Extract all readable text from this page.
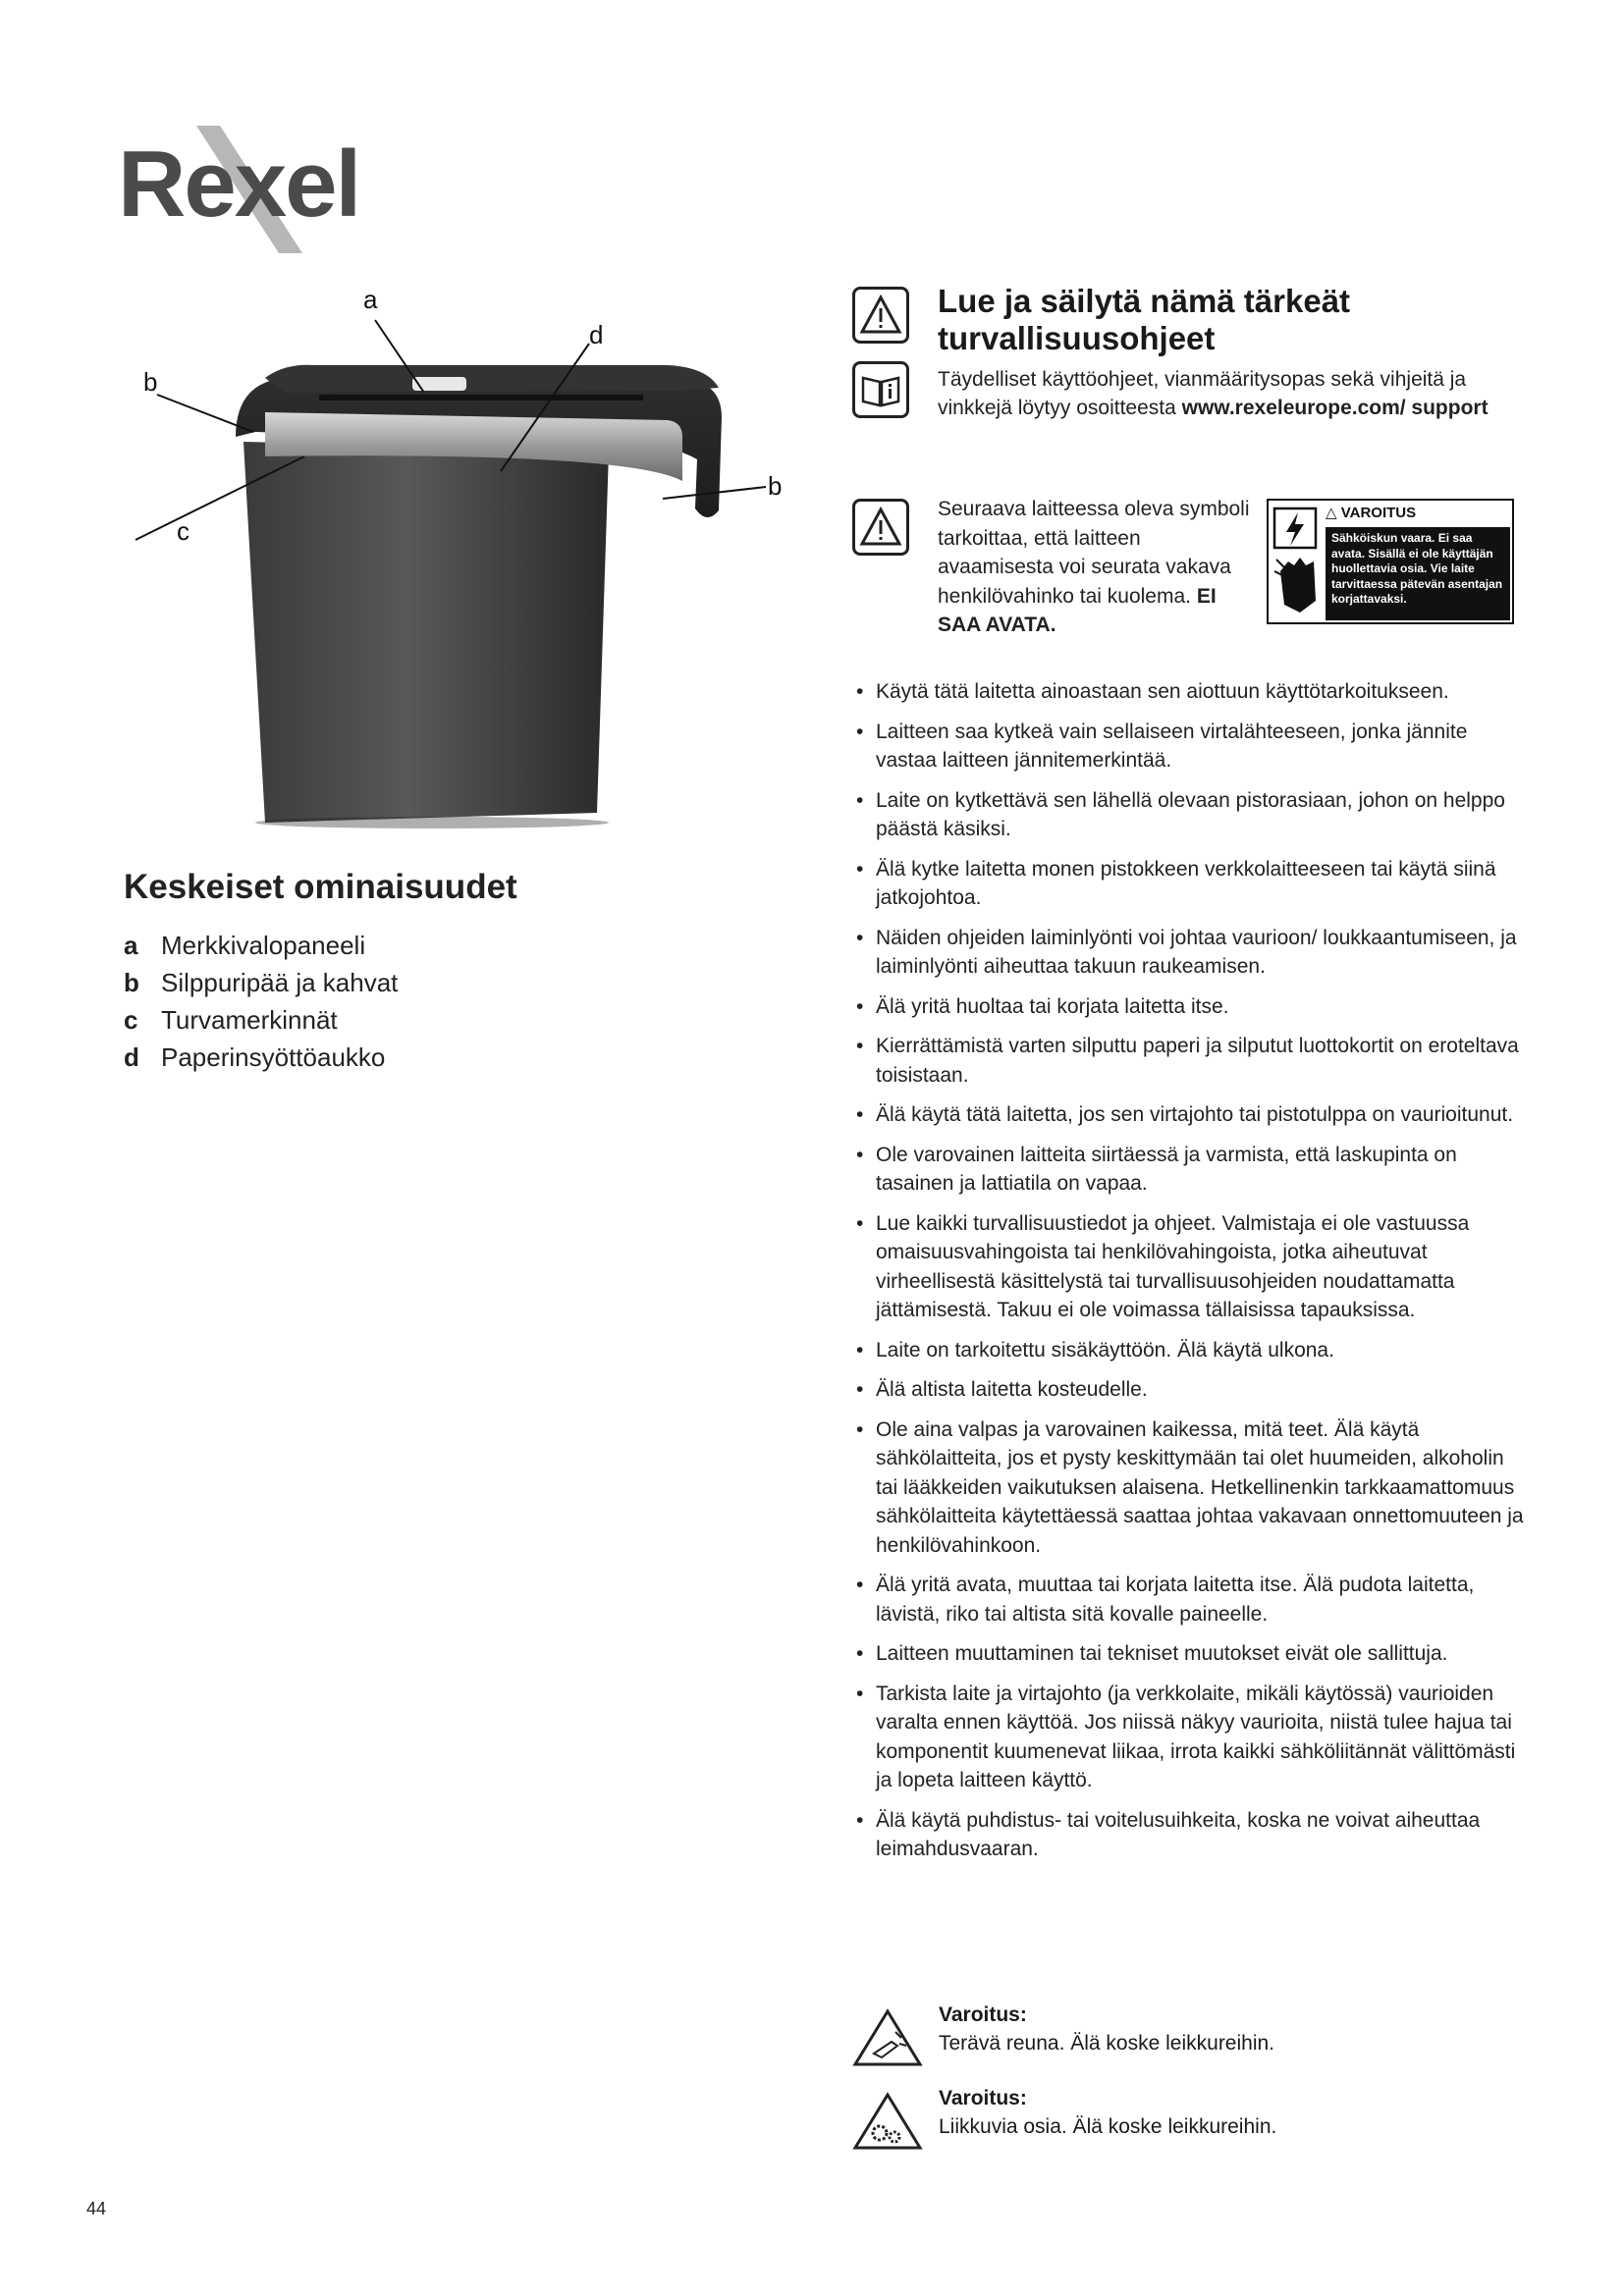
Rexel
a
d
b
b
c
Keskeiset ominaisuudet
a Merkkivalopaneeli
b Silppuripää ja kahvat
c Turvamerkinnät
d Paperinsyöttöaukko
Lue ja säilytä nämä tärkeät turvallisuusohjeet
Täydelliset käyttöohjeet, vianmääritysopas sekä vihjeitä ja vinkkejä löytyy osoitteesta www.rexeleurope.com/ support
Seuraava laitteessa oleva symboli tarkoittaa, että laitteen avaamisesta voi seurata vakava henkilövahinko tai kuolema. EI SAA AVATA.
△ VAROITUS
Sähköiskun vaara. Ei saa avata. Sisällä ei ole käyttäjän huollettavia osia. Vie laite tarvittaessa pätevän asentajan korjattavaksi.
• Käytä tätä laitetta ainoastaan sen aiottuun käyttötarkoitukseen.
• Laitteen saa kytkeä vain sellaiseen virtalähteeseen, jonka jännite vastaa laitteen jännitemerkintää.
• Laite on kytkettävä sen lähellä olevaan pistorasiaan, johon on helppo päästä käsiksi.
• Älä kytke laitetta monen pistokkeen verkkolaitteeseen tai käytä siinä jatkojohtoa.
• Näiden ohjeiden laiminlyönti voi johtaa vaurioon/ loukkaantumiseen, ja laiminlyönti aiheuttaa takuun raukeamisen.
• Älä yritä huoltaa tai korjata laitetta itse.
• Kierrättämistä varten silputtu paperi ja silputut luottokortit on eroteltava toisistaan.
• Älä käytä tätä laitetta, jos sen virtajohto tai pistotulppa on vaurioitunut.
• Ole varovainen laitteita siirtäessä ja varmista, että laskupinta on tasainen ja lattiatila on vapaa.
• Lue kaikki turvallisuustiedot ja ohjeet. Valmistaja ei ole vastuussa omaisuusvahingoista tai henkilövahingoista, jotka aiheutuvat virheellisestä käsittelystä tai turvallisuusohjeiden noudattamatta jättämisestä. Takuu ei ole voimassa tällaisissa tapauksissa.
• Laite on tarkoitettu sisäkäyttöön. Älä käytä ulkona.
• Älä altista laitetta kosteudelle.
• Ole aina valpas ja varovainen kaikessa, mitä teet. Älä käytä sähkölaitteita, jos et pysty keskittymään tai olet huumeiden, alkoholin tai lääkkeiden vaikutuksen alaisena. Hetkellinenkin tarkkaamattomuus sähkölaitteita käytettäessä saattaa johtaa vakavaan onnettomuuteen ja henkilövahinkoon.
• Älä yritä avata, muuttaa tai korjata laitetta itse. Älä pudota laitetta, lävistä, riko tai altista sitä kovalle paineelle.
• Laitteen muuttaminen tai tekniset muutokset eivät ole sallittuja.
• Tarkista laite ja virtajohto (ja verkkolaite, mikäli käytössä) vaurioiden varalta ennen käyttöä. Jos niissä näkyy vaurioita, niistä tulee hajua tai komponentit kuumenevat liikaa, irrota kaikki sähköliitännät välittömästi ja lopeta laitteen käyttö.
• Älä käytä puhdistus- tai voitelusuihkeita, koska ne voivat aiheuttaa leimahdusvaaran.
Varoitus:
Terävä reuna. Älä koske leikkureihin.
Varoitus:
Liikkuvia osia. Älä koske leikkureihin.
44
